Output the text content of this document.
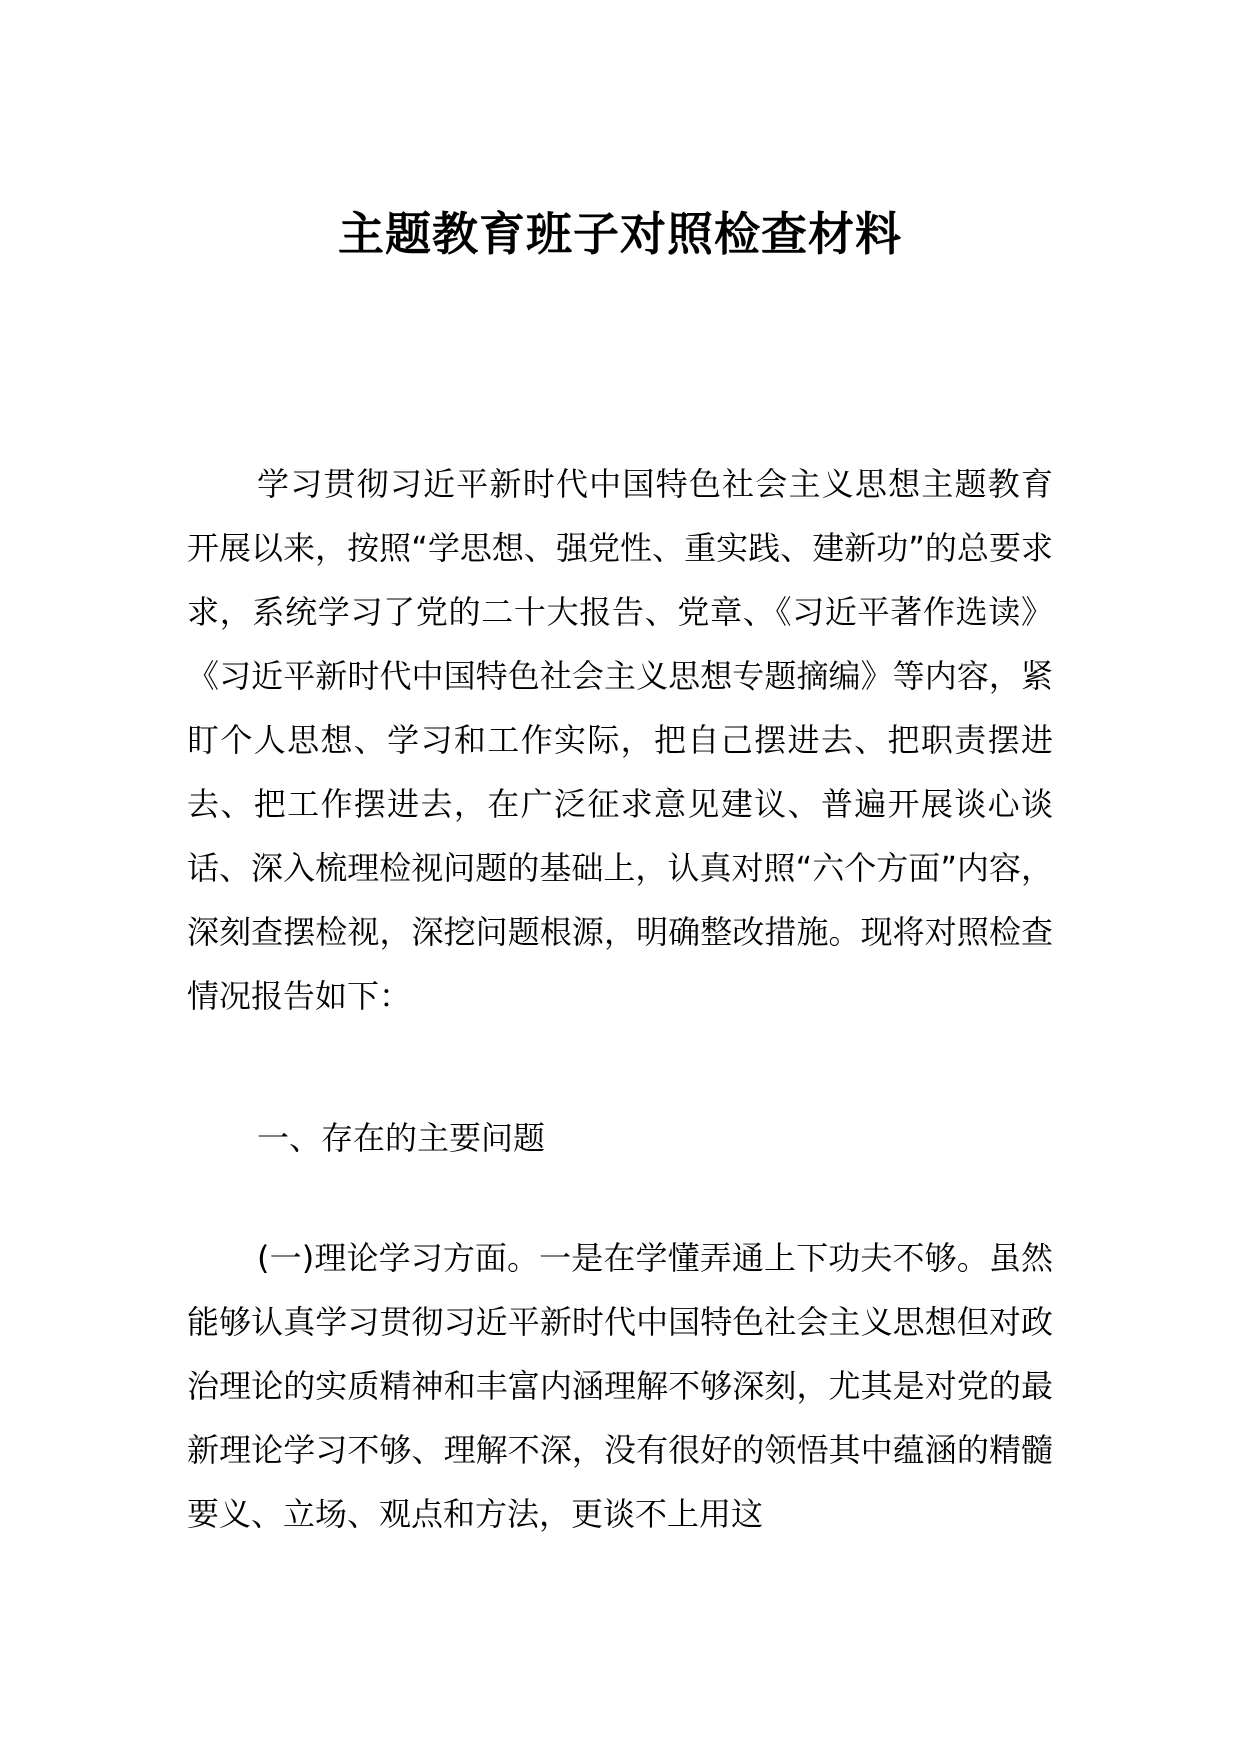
主题教育班子对照检查材料

学习贯彻习近平新时代中国特色社会主义思想主题教育开展以来，按照“学思想、强党性、重实践、建新功”的总要求求，系统学习了党的二十大报告、党章、《习近平著作选读》《习近平新时代中国特色社会主义思想专题摘编》等内容，紧盯个人思想、学习和工作实际，把自己摆进去、把职责摆进去、把工作摆进去，在广泛征求意见建议、普遍开展谈心谈话、深入梳理检视问题的基础上，认真对照“六个方面”内容，深刻查摆检视，深挖问题根源，明确整改措施。现将对照检查情况报告如下：

一、存在的主要问题

(一)理论学习方面。一是在学懂弄通上下功夫不够。虽然能够认真学习贯彻习近平新时代中国特色社会主义思想但对政治理论的实质精神和丰富内涵理解不够深刻，尤其是对党的最新理论学习不够、理解不深，没有很好的领悟其中蕴涵的精髓要义、立场、观点和方法，更谈不上用这
